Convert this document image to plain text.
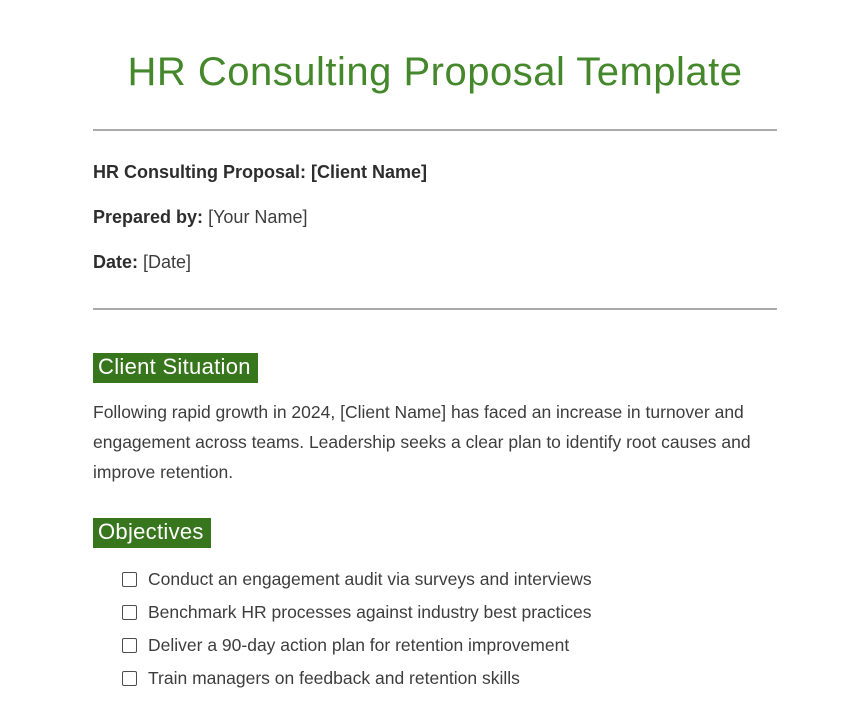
HR Consulting Proposal Template

HR Consulting Proposal: [Client Name]

Prepared by: [Your Name]

Date: [Date]

Client Situation

Following rapid growth in 2024, [Client Name] has faced an increase in turnover and engagement across teams. Leadership seeks a clear plan to identify root causes and improve retention.

Objectives
Conduct an engagement audit via surveys and interviews
Benchmark HR processes against industry best practices
Deliver a 90-day action plan for retention improvement
Train managers on feedback and retention skills
